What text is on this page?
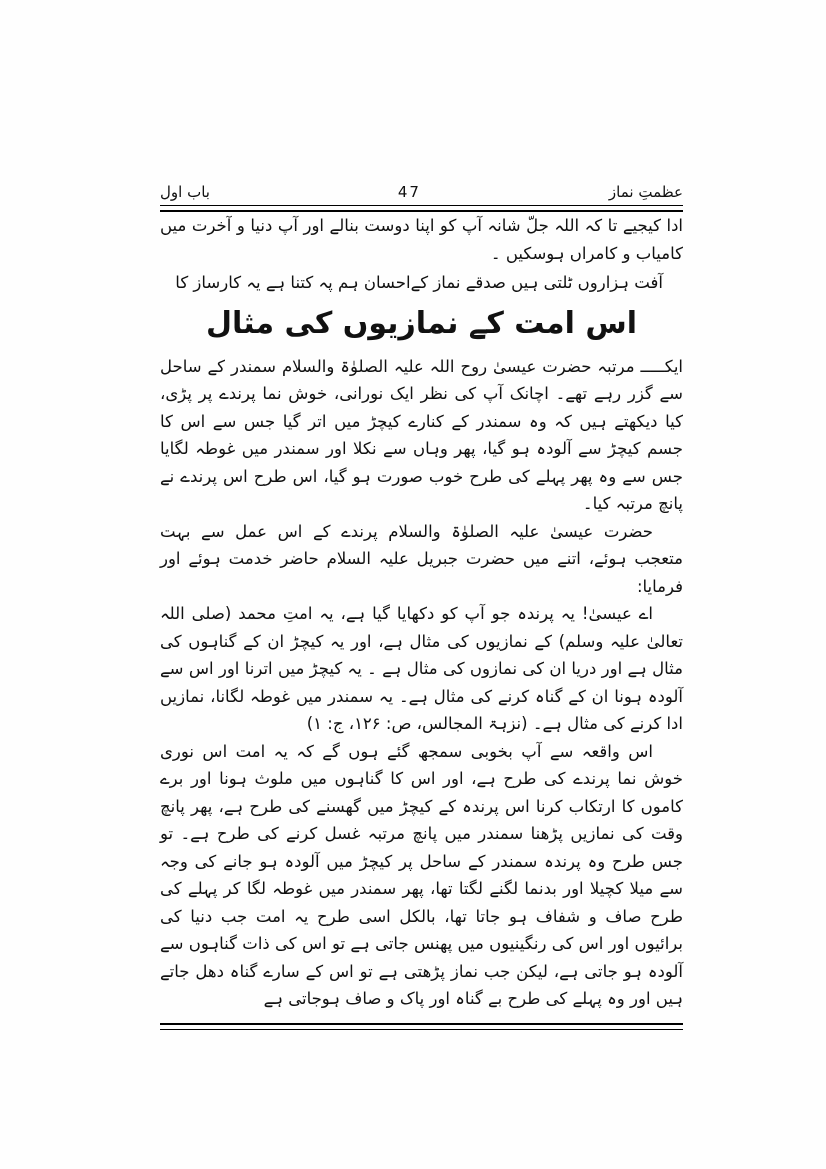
عظمتِ نماز
47
باب اول

ادا کیجیے تا کہ اللہ جلّ شانہ آپ کو اپنا دوست بنالے اور آپ دنیا و آخرت میں کامیاب و کامراں ہوسکیں ۔

آفت ہزاروں ٹلتی ہیں صدقے نماز کے
احسان ہم پہ کتنا ہے یہ کارساز کا
اس امت کے نمازیوں کی مثال

ایکـــــ مرتبہ حضرت عیسیٰ روح اللہ علیہ الصلوٰۃ والسلام سمندر کے ساحل سے گزر رہے تھے۔ اچانک آپ کی نظر ایک نورانی، خوش نما پرندے پر پڑی، کیا دیکھتے ہیں کہ وہ سمندر کے کنارے کیچڑ میں اتر گیا جس سے اس کا جسم کیچڑ سے آلودہ ہو گیا، پھر وہاں سے نکلا اور سمندر میں غوطہ لگایا جس سے وہ پھر پہلے کی طرح خوب صورت ہو گیا، اس طرح اس پرندے نے پانچ مرتبہ کیا۔

حضرت عیسیٰ علیہ الصلوٰۃ والسلام پرندے کے اس عمل سے بہت متعجب ہوئے، اتنے میں حضرت جبریل علیہ السلام حاضر خدمت ہوئے اور فرمایا:

اے عیسیٰ! یہ پرندہ جو آپ کو دکھایا گیا ہے، یہ امتِ محمد (صلی اللہ تعالیٰ علیہ وسلم) کے نمازیوں کی مثال ہے، اور یہ کیچڑ ان کے گناہوں کی مثال ہے اور دریا ان کی نمازوں کی مثال ہے ۔ یہ کیچڑ میں اترنا اور اس سے آلودہ ہونا ان کے گناہ کرنے کی مثال ہے۔ یہ سمندر میں غوطہ لگانا، نمازیں ادا کرنے کی مثال ہے۔ (نزہۃ المجالس، ص: ۱۲۶، ج: ۱)

اس واقعہ سے آپ بخوبی سمجھ گئے ہوں گے کہ یہ امت اس نوری خوش نما پرندے کی طرح ہے، اور اس کا گناہوں میں ملوث ہونا اور برے کاموں کا ارتکاب کرنا اس پرندہ کے کیچڑ میں گھسنے کی طرح ہے، پھر پانچ وقت کی نمازیں پڑھنا سمندر میں پانچ مرتبہ غسل کرنے کی طرح ہے۔ تو جس طرح وہ پرندہ سمندر کے ساحل پر کیچڑ میں آلودہ ہو جانے کی وجہ سے میلا کچیلا اور بدنما لگنے لگتا تھا، پھر سمندر میں غوطہ لگا کر پہلے کی طرح صاف و شفاف ہو جاتا تھا، بالکل اسی طرح یہ امت جب دنیا کی برائیوں اور اس کی رنگینیوں میں پھنس جاتی ہے تو اس کی ذات گناہوں سے آلودہ ہو جاتی ہے، لیکن جب نماز پڑھتی ہے تو اس کے سارے گناہ دھل جاتے ہیں اور وہ پہلے کی طرح بے گناہ اور پاک و صاف ہوجاتی ہے
